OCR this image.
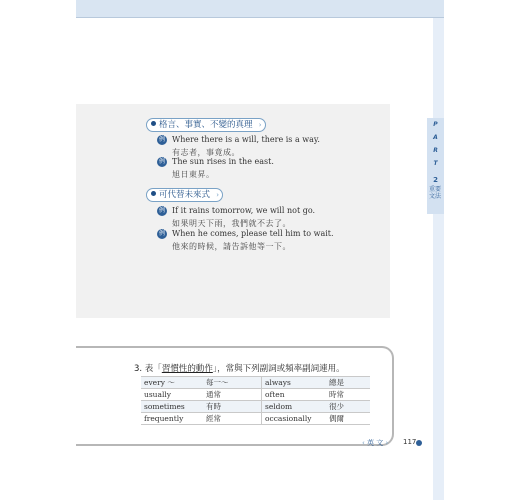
P
A
R
T
2
重要文法
格言、事實、不變的真理 ›
例 Where there is a will, there is a way.
有志者，事竟成。
例 The sun rises in the east.
旭日東昇。
可代替未來式 ›
例 If it rains tomorrow, we will not go.
如果明天下雨，我們就不去了。
例 When he comes, please tell him to wait.
他來的時候，請告訴他等一下。
3. 表「習慣性的動作」，常與下列副詞或頻率副詞連用。
every ～	每一～	always	總是
usually	通常	often	時常
sometimes	有時	seldom	很少
frequently	經常	occasionally	偶爾
‹ 英 文 › 117
